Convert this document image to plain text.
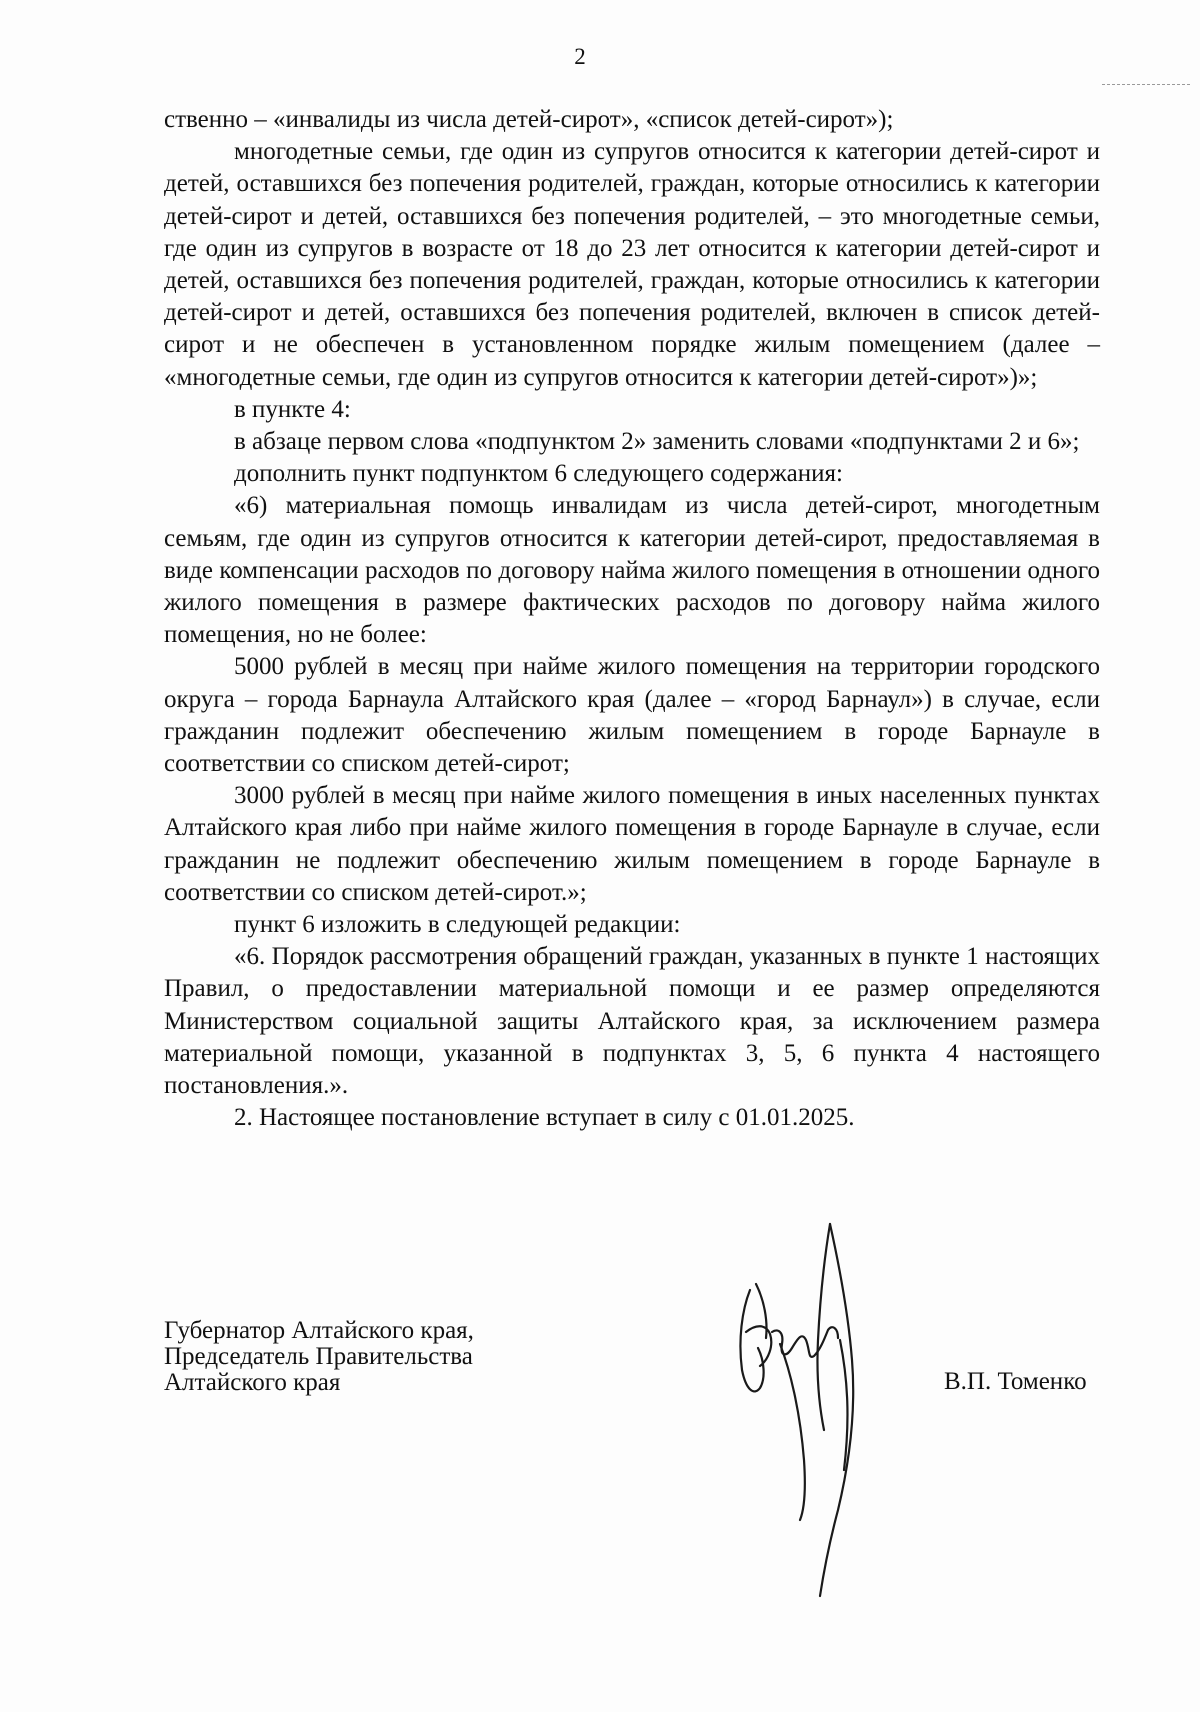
2

ственно – «инвалиды из числа детей-сирот», «список детей-сирот»);

многодетные семьи, где один из супругов относится к категории детей-сирот и детей, оставшихся без попечения родителей, граждан, которые относились к категории детей-сирот и детей, оставшихся без попечения родителей, – это многодетные семьи, где один из супругов в возрасте от 18 до 23 лет относится к категории детей-сирот и детей, оставшихся без попечения родителей, граждан, которые относились к категории детей-сирот и детей, оставшихся без попечения родителей, включен в список детей-сирот и не обеспечен в установленном порядке жилым помещением (далее – «многодетные семьи, где один из супругов относится к категории детей-сирот»)»;

в пункте 4:

в абзаце первом слова «подпунктом 2» заменить словами «подпунктами 2 и 6»;

дополнить пункт подпунктом 6 следующего содержания:

«6) материальная помощь инвалидам из числа детей-сирот, многодетным семьям, где один из супругов относится к категории детей-сирот, предоставляемая в виде компенсации расходов по договору найма жилого помещения в отношении одного жилого помещения в размере фактических расходов по договору найма жилого помещения, но не более:

5000 рублей в месяц при найме жилого помещения на территории городского округа – города Барнаула Алтайского края (далее – «город Барнаул») в случае, если гражданин подлежит обеспечению жилым помещением в городе Барнауле в соответствии со списком детей-сирот;

3000 рублей в месяц при найме жилого помещения в иных населенных пунктах Алтайского края либо при найме жилого помещения в городе Барнауле в случае, если гражданин не подлежит обеспечению жилым помещением в городе Барнауле в соответствии со списком детей-сирот.»;

пункт 6 изложить в следующей редакции:

«6. Порядок рассмотрения обращений граждан, указанных в пункте 1 настоящих Правил, о предоставлении материальной помощи и ее размер определяются Министерством социальной защиты Алтайского края, за исключением размера материальной помощи, указанной в подпунктах 3, 5, 6 пункта 4 настоящего постановления.».

2. Настоящее постановление вступает в силу с 01.01.2025.

Губернатор Алтайского края,
Председатель Правительства
Алтайского края	В.П. Томенко
